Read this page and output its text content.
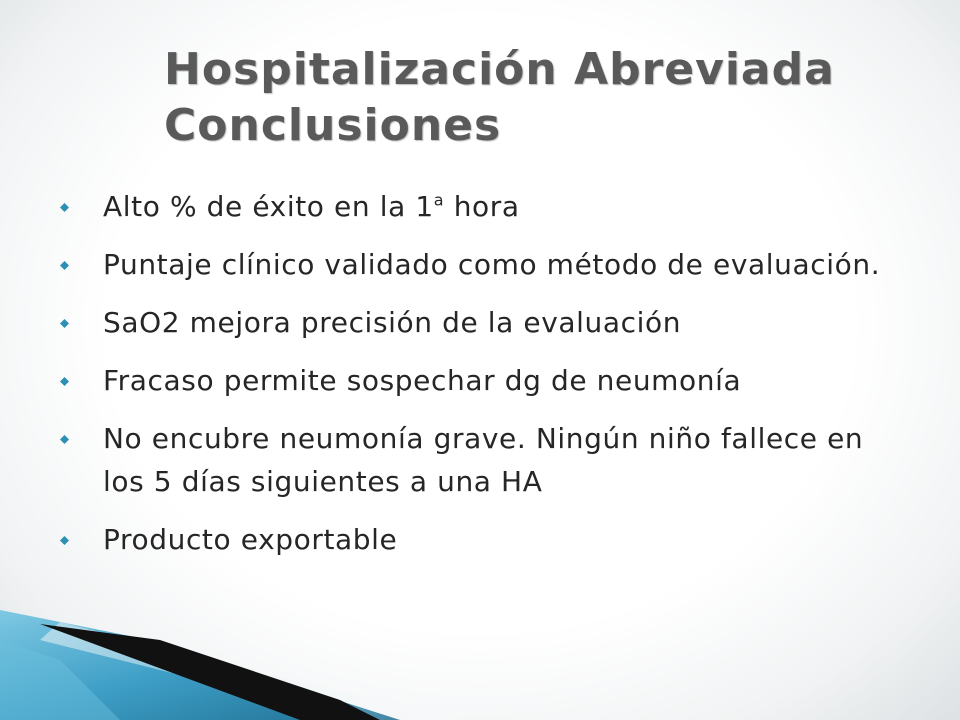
Hospitalización Abreviada
Conclusiones
Alto % de éxito en la 1$^a$ hora
Puntaje clínico validado como método de evaluación.
SaO2 mejora precisión de la evaluación
Fracaso permite sospechar dg de neumonía
No encubre neumonía grave. Ningún niño fallece en los 5 días siguientes a una HA
Producto exportable
